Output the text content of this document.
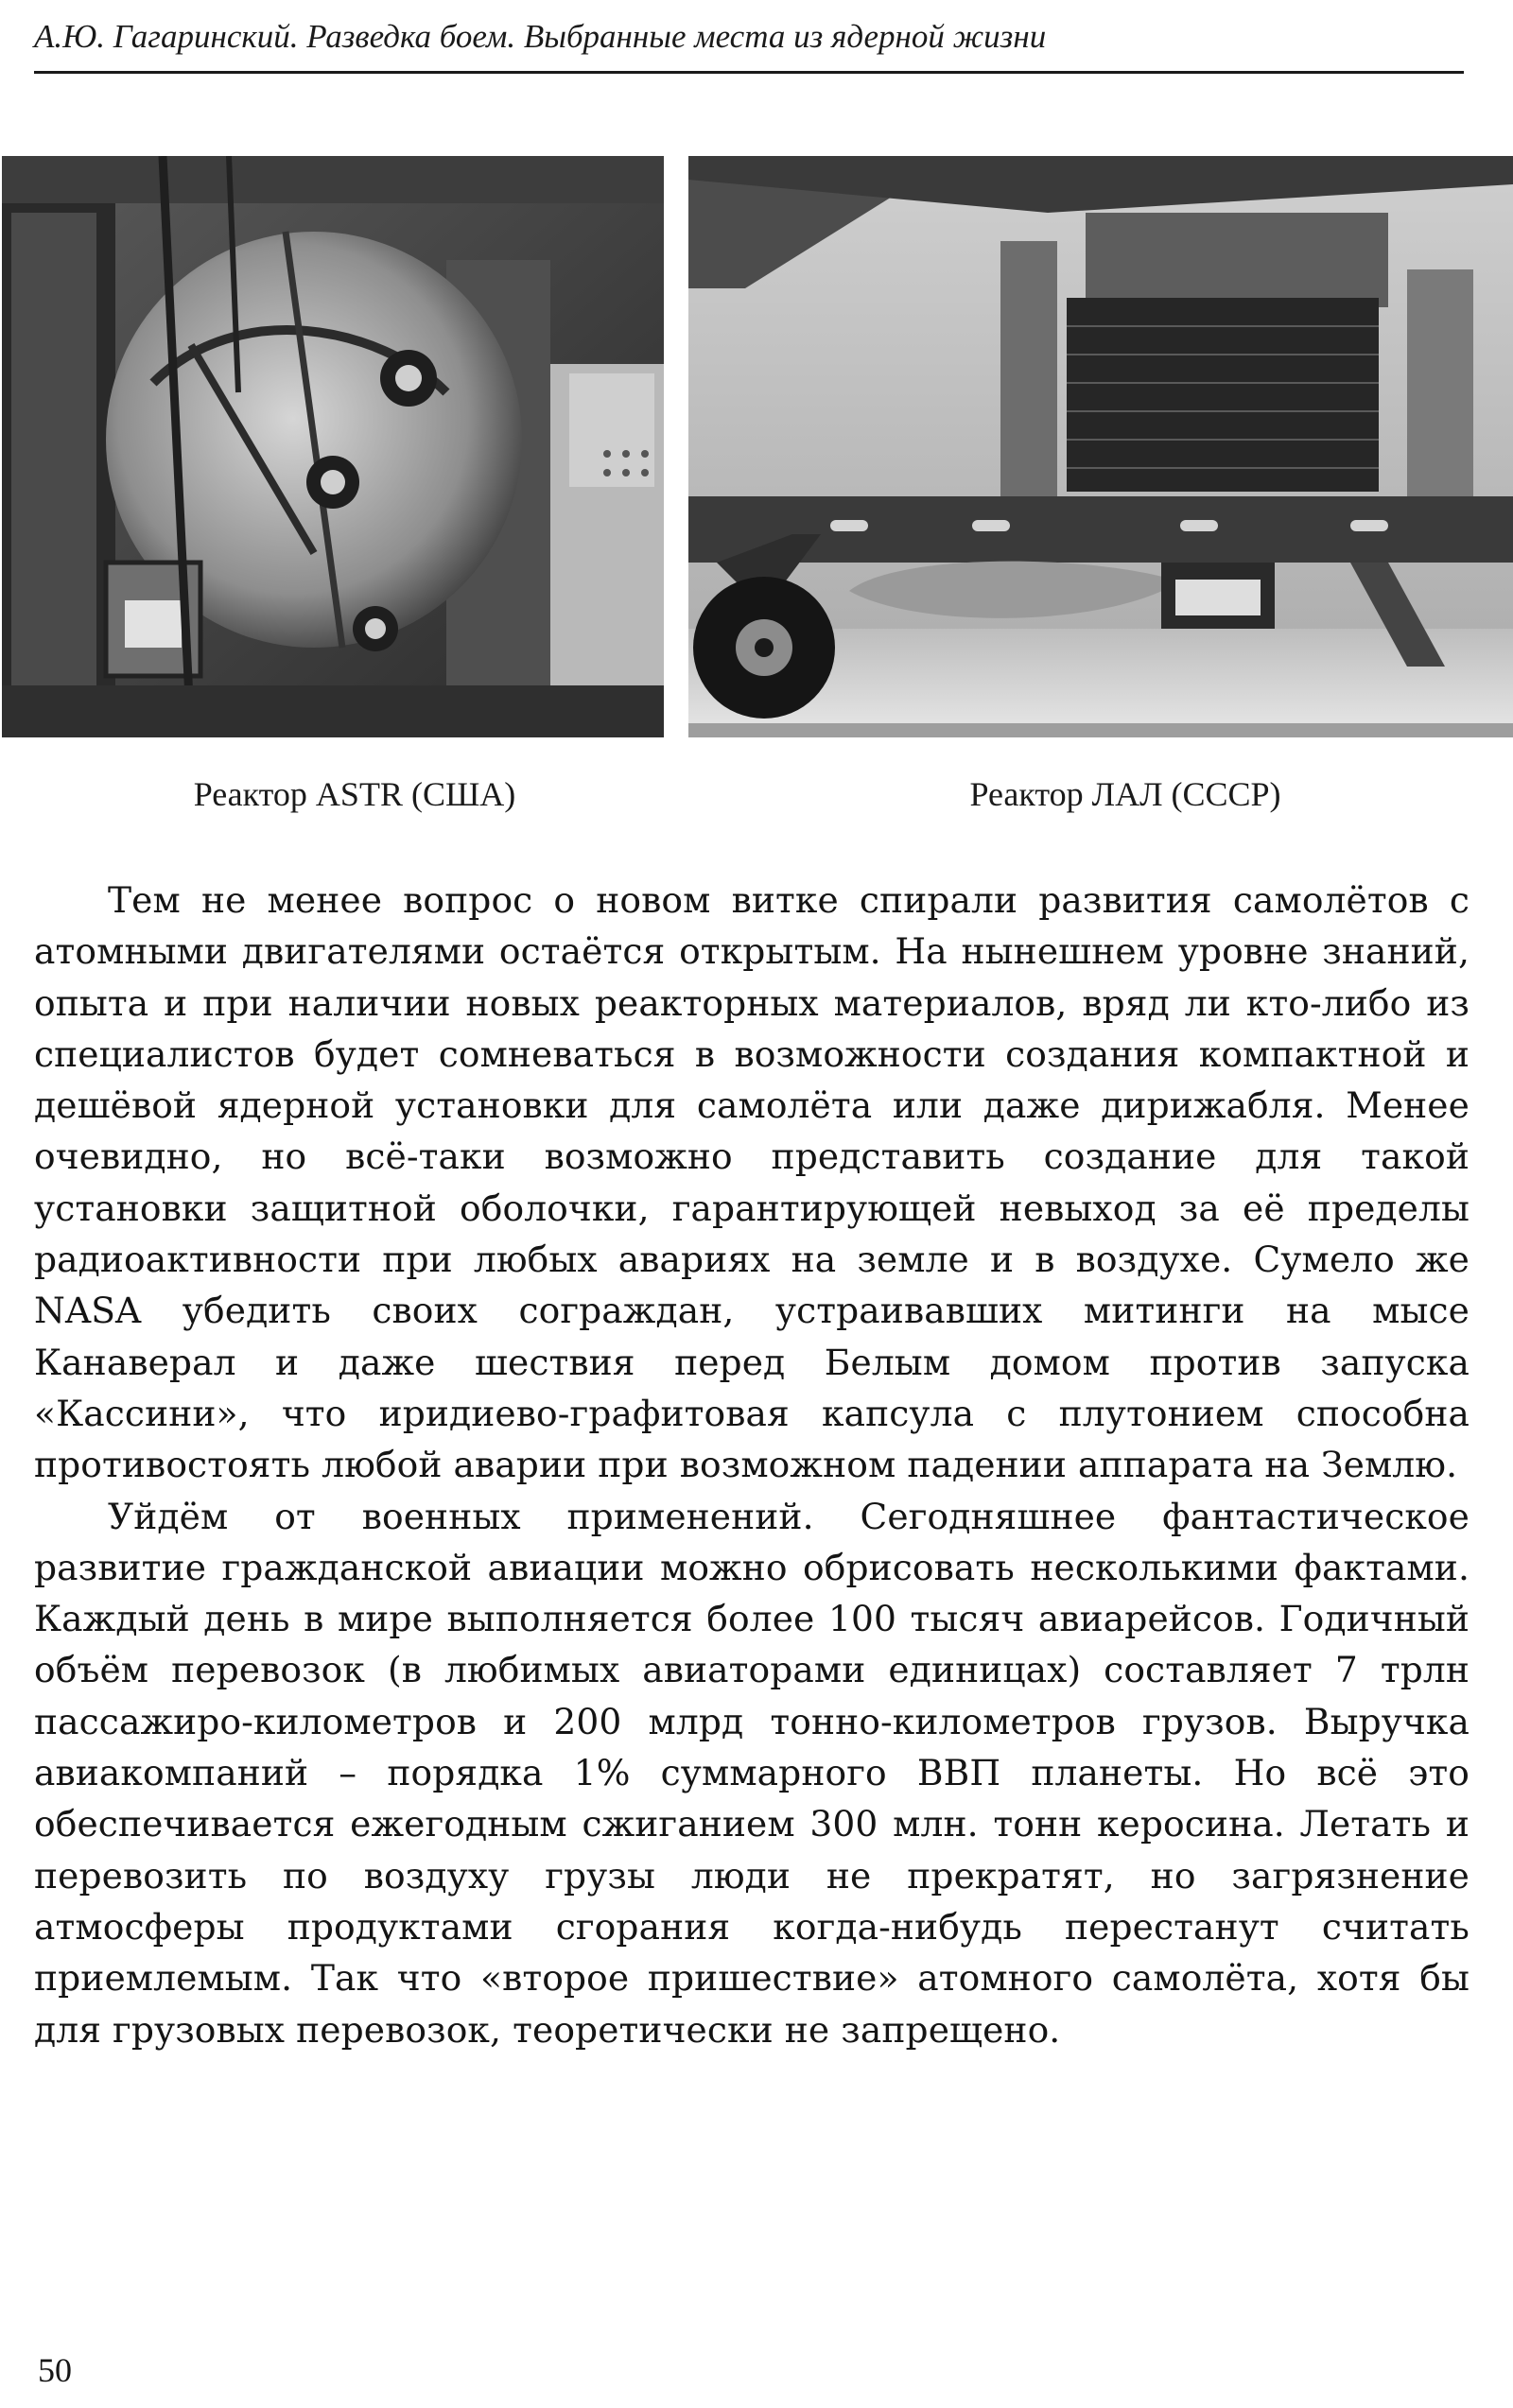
А.Ю. Гагаринский. Разведка боем. Выбранные места из ядерной жизни
Реактор ASTR (США)	Реактор ЛАЛ (СССР)

Тем не менее вопрос о новом витке спирали развития самолётов с атомными двигателями остаётся открытым. На нынешнем уровне знаний, опыта и при наличии новых реакторных материалов, вряд ли кто-либо из специалистов будет сомневаться в возможности создания компактной и дешёвой ядерной установки для самолёта или даже дирижабля. Менее очевидно, но всё-таки возможно представить создание для такой установки защитной оболочки, гарантирующей невыход за её пределы радиоактивности при любых авариях на земле и в воздухе. Сумело же NASA убедить своих сограждан, устраивавших митинги на мысе Канаверал и даже шествия перед Белым домом против запуска «Кассини», что иридиево-графитовая капсула с плутонием способна противостоять любой аварии при возможном падении аппарата на Землю.

Уйдём от военных применений. Сегодняшнее фантастическое развитие гражданской авиации можно обрисовать несколькими фактами. Каждый день в мире выполняется более 100 тысяч авиарейсов. Годичный объём перевозок (в любимых авиаторами единицах) составляет 7 трлн пассажиро-километров и 200 млрд тонно-километров грузов. Выручка авиакомпаний – порядка 1% суммарного ВВП планеты. Но всё это обеспечивается ежегодным сжиганием 300 млн. тонн керосина. Летать и перевозить по воздуху грузы люди не прекратят, но загрязнение атмосферы продуктами сгорания когда-нибудь перестанут считать приемлемым. Так что «второе пришествие» атомного самолёта, хотя бы для грузовых перевозок, теоретически не запрещено.

50
